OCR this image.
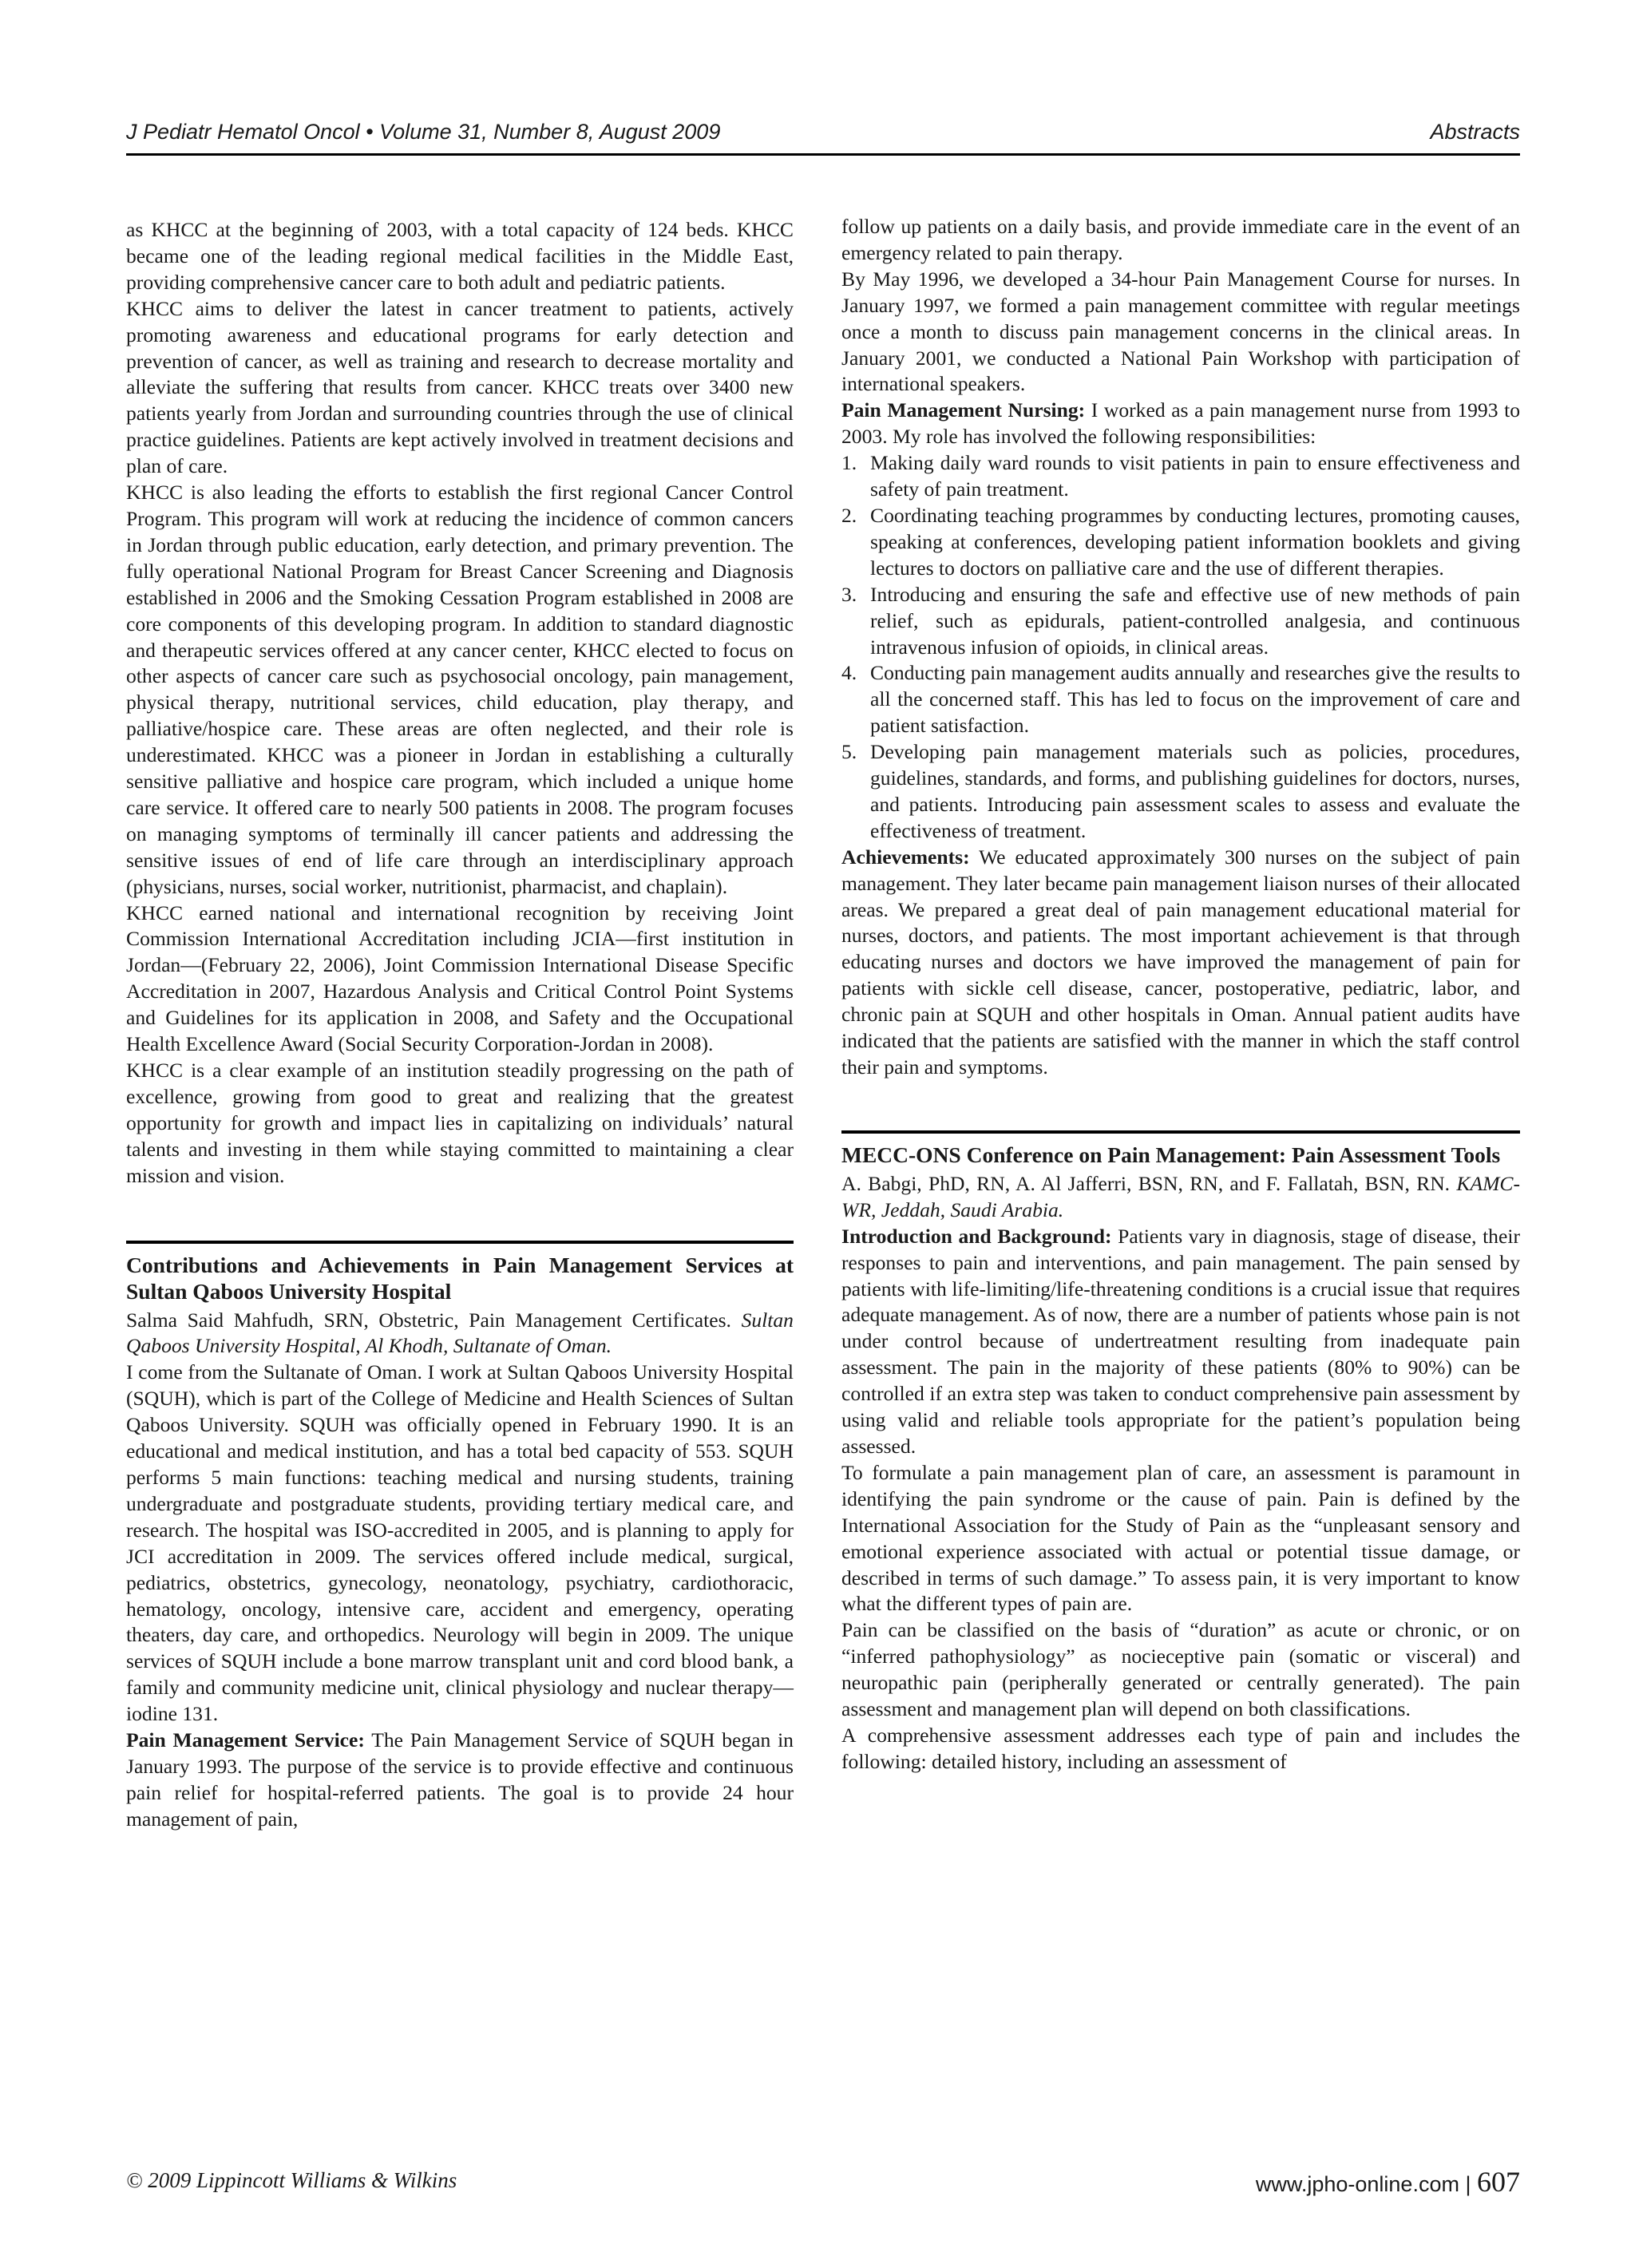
J Pediatr Hematol Oncol • Volume 31, Number 8, August 2009	Abstracts

as KHCC at the beginning of 2003, with a total capacity of 124 beds. KHCC became one of the leading regional medical facilities in the Middle East, providing comprehensive cancer care to both adult and pediatric patients.

KHCC aims to deliver the latest in cancer treatment to patients, actively promoting awareness and educational programs for early detection and prevention of cancer, as well as training and research to decrease mortality and alleviate the suffering that results from cancer. KHCC treats over 3400 new patients yearly from Jordan and surrounding countries through the use of clinical practice guidelines. Patients are kept actively involved in treatment decisions and plan of care.

KHCC is also leading the efforts to establish the first regional Cancer Control Program. This program will work at reducing the incidence of common cancers in Jordan through public education, early detection, and primary prevention. The fully operational National Program for Breast Cancer Screening and Diagnosis established in 2006 and the Smoking Cessation Program established in 2008 are core components of this developing program. In addition to standard diagnostic and therapeutic services offered at any cancer center, KHCC elected to focus on other aspects of cancer care such as psychosocial oncology, pain management, physical therapy, nutritional services, child education, play therapy, and palliative/hospice care. These areas are often neglected, and their role is underestimated. KHCC was a pioneer in Jordan in establishing a culturally sensitive palliative and hospice care program, which included a unique home care service. It offered care to nearly 500 patients in 2008. The program focuses on managing symptoms of terminally ill cancer patients and addressing the sensitive issues of end of life care through an interdisciplinary approach (physicians, nurses, social worker, nutritionist, pharmacist, and chaplain).

KHCC earned national and international recognition by receiving Joint Commission International Accreditation including JCIA—first institution in Jordan—(February 22, 2006), Joint Commission International Disease Specific Accreditation in 2007, Hazardous Analysis and Critical Control Point Systems and Guidelines for its application in 2008, and Safety and the Occupational Health Excellence Award (Social Security Corporation-Jordan in 2008).

KHCC is a clear example of an institution steadily progressing on the path of excellence, growing from good to great and realizing that the greatest opportunity for growth and impact lies in capitalizing on individuals’ natural talents and investing in them while staying committed to maintaining a clear mission and vision.

Contributions and Achievements in Pain Management Services at Sultan Qaboos University Hospital

Salma Said Mahfudh, SRN, Obstetric, Pain Management Certificates. Sultan Qaboos University Hospital, Al Khodh, Sultanate of Oman.

I come from the Sultanate of Oman. I work at Sultan Qaboos University Hospital (SQUH), which is part of the College of Medicine and Health Sciences of Sultan Qaboos University. SQUH was officially opened in February 1990. It is an educational and medical institution, and has a total bed capacity of 553. SQUH performs 5 main functions: teaching medical and nursing students, training undergraduate and postgraduate students, providing tertiary medical care, and research. The hospital was ISO-accredited in 2005, and is planning to apply for JCI accreditation in 2009. The services offered include medical, surgical, pediatrics, obstetrics, gynecology, neonatology, psychiatry, cardiothoracic, hematology, oncology, intensive care, accident and emergency, operating theaters, day care, and orthopedics. Neurology will begin in 2009. The unique services of SQUH include a bone marrow transplant unit and cord blood bank, a family and community medicine unit, clinical physiology and nuclear therapy—iodine 131.

Pain Management Service: The Pain Management Service of SQUH began in January 1993. The purpose of the service is to provide effective and continuous pain relief for hospital-referred patients. The goal is to provide 24 hour management of pain,

follow up patients on a daily basis, and provide immediate care in the event of an emergency related to pain therapy.

By May 1996, we developed a 34-hour Pain Management Course for nurses. In January 1997, we formed a pain management committee with regular meetings once a month to discuss pain management concerns in the clinical areas. In January 2001, we conducted a National Pain Workshop with participation of international speakers.

Pain Management Nursing: I worked as a pain management nurse from 1993 to 2003. My role has involved the following responsibilities:

1. Making daily ward rounds to visit patients in pain to ensure effectiveness and safety of pain treatment.
2. Coordinating teaching programmes by conducting lectures, promoting causes, speaking at conferences, developing patient information booklets and giving lectures to doctors on palliative care and the use of different therapies.
3. Introducing and ensuring the safe and effective use of new methods of pain relief, such as epidurals, patient-controlled analgesia, and continuous intravenous infusion of opioids, in clinical areas.
4. Conducting pain management audits annually and researches give the results to all the concerned staff. This has led to focus on the improvement of care and patient satisfaction.
5. Developing pain management materials such as policies, procedures, guidelines, standards, and forms, and publishing guidelines for doctors, nurses, and patients. Introducing pain assessment scales to assess and evaluate the effectiveness of treatment.

Achievements: We educated approximately 300 nurses on the subject of pain management. They later became pain management liaison nurses of their allocated areas. We prepared a great deal of pain management educational material for nurses, doctors, and patients. The most important achievement is that through educating nurses and doctors we have improved the management of pain for patients with sickle cell disease, cancer, postoperative, pediatric, labor, and chronic pain at SQUH and other hospitals in Oman. Annual patient audits have indicated that the patients are satisfied with the manner in which the staff control their pain and symptoms.

MECC-ONS Conference on Pain Management: Pain Assessment Tools

A. Babgi, PhD, RN, A. Al Jafferri, BSN, RN, and F. Fallatah, BSN, RN. KAMC-WR, Jeddah, Saudi Arabia.

Introduction and Background: Patients vary in diagnosis, stage of disease, their responses to pain and interventions, and pain management. The pain sensed by patients with life-limiting/life-threatening conditions is a crucial issue that requires adequate management. As of now, there are a number of patients whose pain is not under control because of undertreatment resulting from inadequate pain assessment. The pain in the majority of these patients (80% to 90%) can be controlled if an extra step was taken to conduct comprehensive pain assessment by using valid and reliable tools appropriate for the patient’s population being assessed.

To formulate a pain management plan of care, an assessment is paramount in identifying the pain syndrome or the cause of pain. Pain is defined by the International Association for the Study of Pain as the “unpleasant sensory and emotional experience associated with actual or potential tissue damage, or described in terms of such damage.” To assess pain, it is very important to know what the different types of pain are.

Pain can be classified on the basis of “duration” as acute or chronic, or on “inferred pathophysiology” as nocieceptive pain (somatic or visceral) and neuropathic pain (peripherally generated or centrally generated). The pain assessment and management plan will depend on both classifications.

A comprehensive assessment addresses each type of pain and includes the following: detailed history, including an assessment of

© 2009 Lippincott Williams & Wilkins	www.jpho-online.com | 607
